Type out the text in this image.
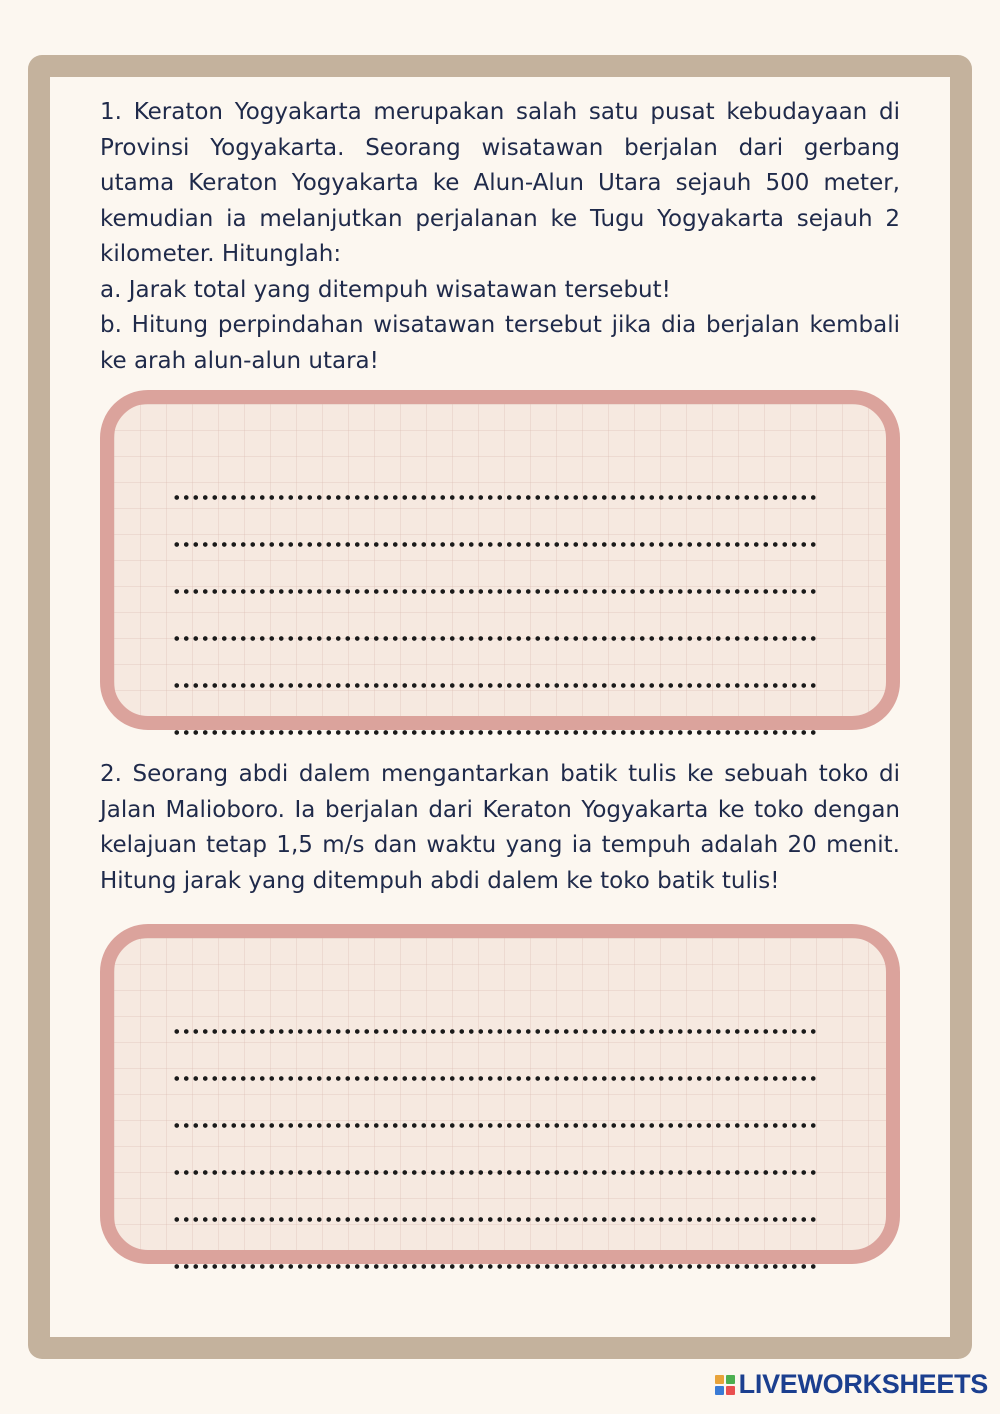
1. Keraton Yogyakarta merupakan salah satu pusat kebudayaan di Provinsi Yogyakarta. Seorang wisatawan berjalan dari gerbang utama Keraton Yogyakarta ke Alun-Alun Utara sejauh 500 meter, kemudian ia melanjutkan perjalanan ke Tugu Yogyakarta sejauh 2 kilometer. Hitunglah:

a. Jarak total yang ditempuh wisatawan tersebut!

b. Hitung perpindahan wisatawan tersebut jika dia berjalan kembali ke arah alun-alun utara!

2. Seorang abdi dalem mengantarkan batik tulis ke sebuah toko di Jalan Malioboro. Ia berjalan dari Keraton Yogyakarta ke toko dengan kelajuan tetap 1,5 m/s dan waktu yang ia tempuh adalah 20 menit. Hitung jarak yang ditempuh abdi dalem ke toko batik tulis!

LIVEWORKSHEETS
